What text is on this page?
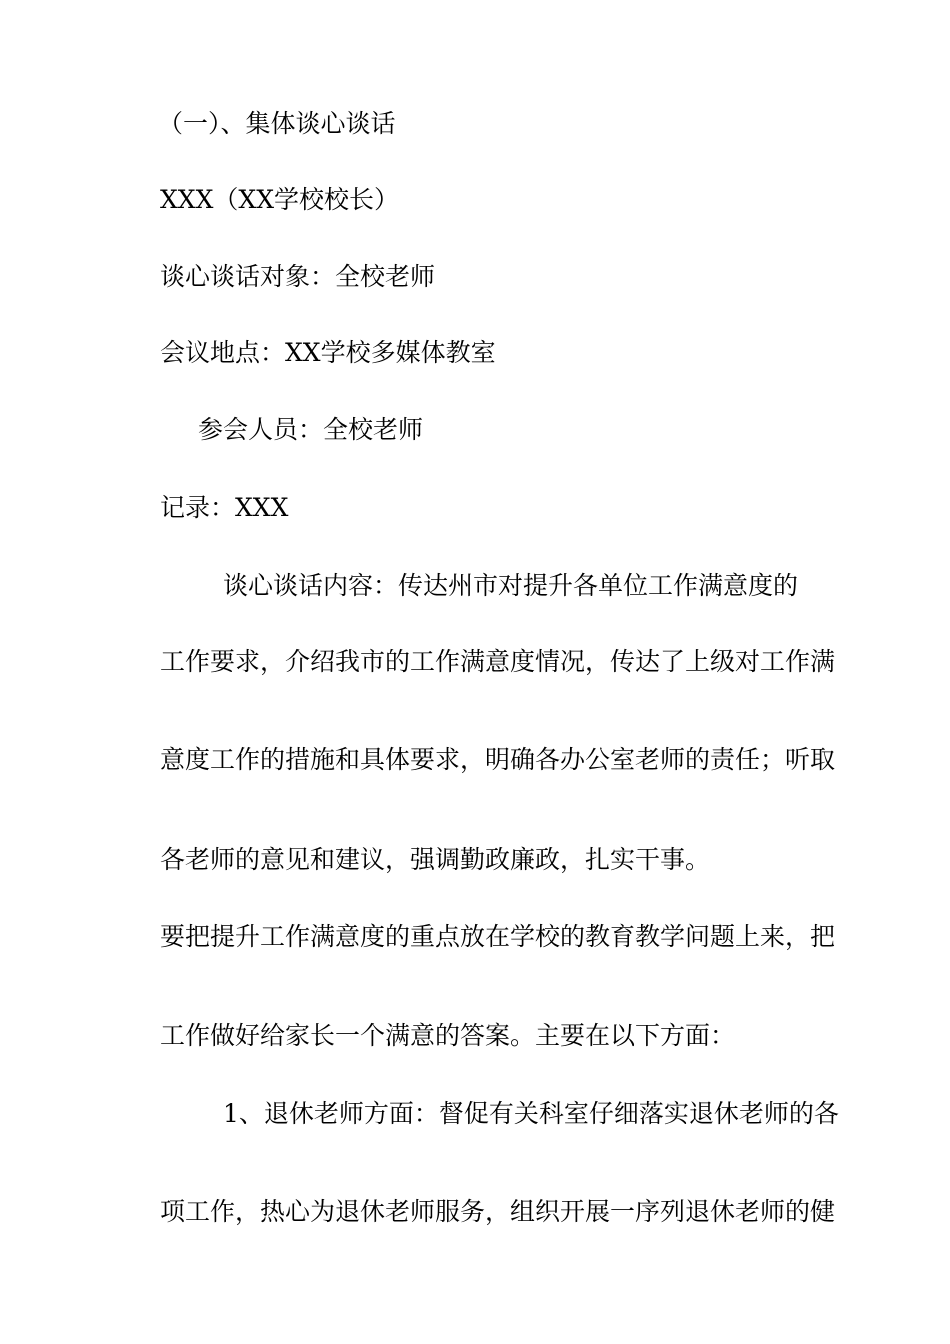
（一）、集体谈心谈话
XXX（XX学校校长）
谈心谈话对象：全校老师
会议地点：XX学校多媒体教室
参会人员：全校老师
记录：XXX
谈心谈话内容：传达州市对提升各单位工作满意度的
工作要求，介绍我市的工作满意度情况，传达了上级对工作满
意度工作的措施和具体要求，明确各办公室老师的责任；听取
各老师的意见和建议，强调勤政廉政，扎实干事。
要把提升工作满意度的重点放在学校的教育教学问题上来，把
工作做好给家长一个满意的答案。主要在以下方面：
1、退休老师方面：督促有关科室仔细落实退休老师的各
项工作，热心为退休老师服务，组织开展一序列退休老师的健
